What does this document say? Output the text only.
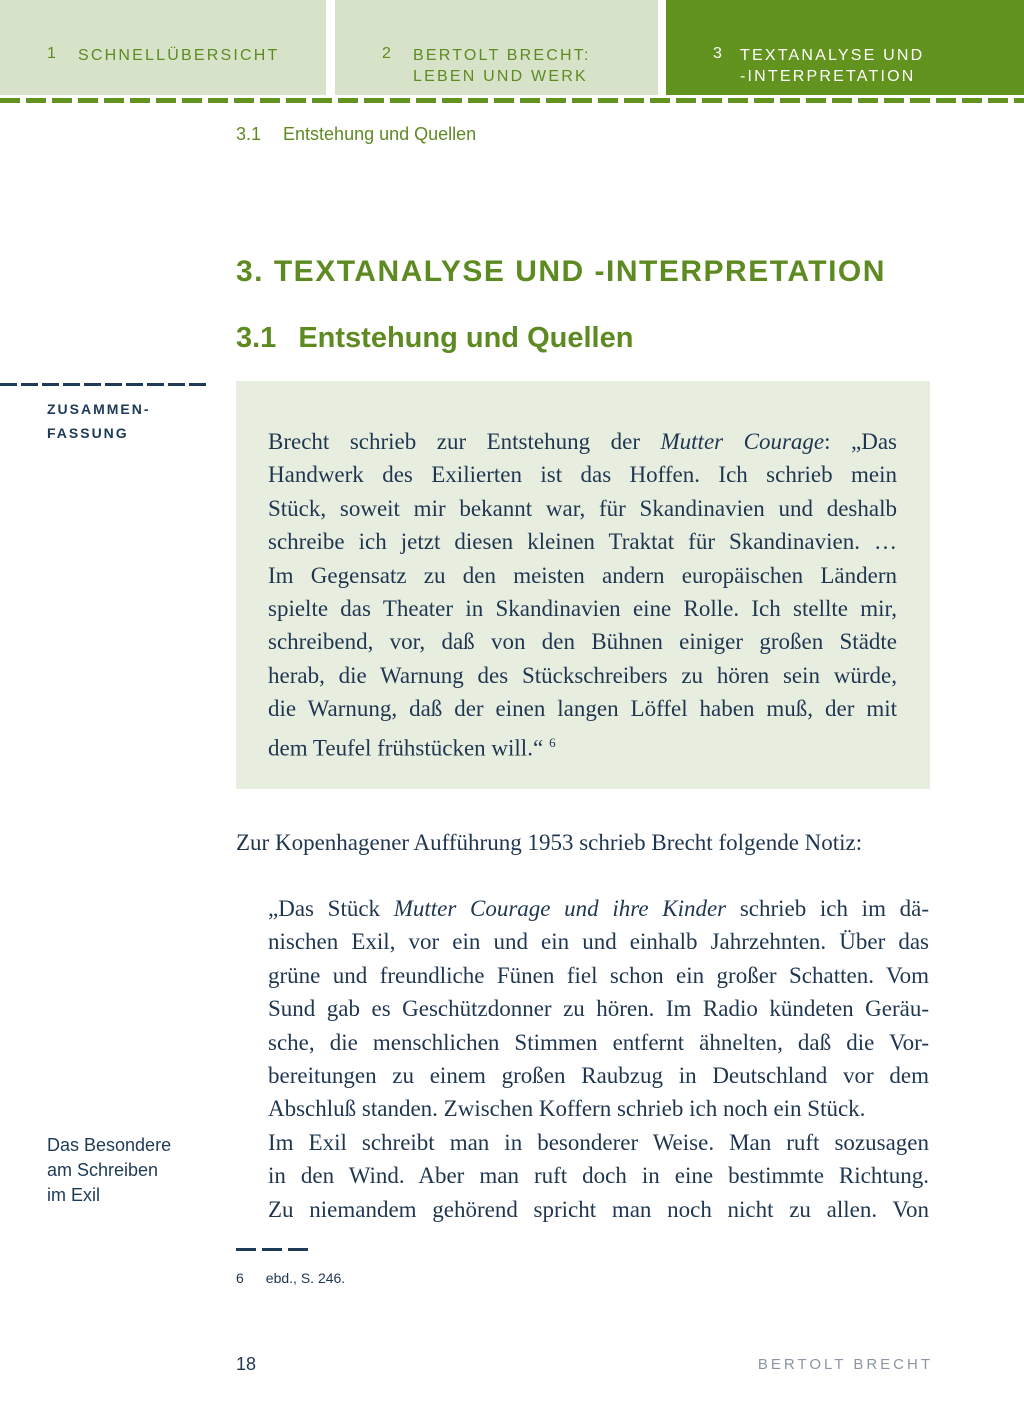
1 SCHNELLÜBERSICHT	2 BERTOLT BRECHT:
LEBEN UND WERK
3 TEXTANALYSE UND
-INTERPRETATION
3.1 Entstehung und Quellen
3. TEXTANALYSE UND -INTERPRETATION
3.1 Entstehung und Quellen
ZUSAMMEN-
FASSUNG	Brecht schrieb zur Entstehung der Mutter Courage: „Das
Handwerk des Exilierten ist das Hoffen. Ich schrieb mein
Stück, soweit mir bekannt war, für Skandinavien und deshalb
schreibe ich jetzt diesen kleinen Traktat für Skandinavien. …
Im Gegensatz zu den meisten andern europäischen Ländern
spielte das Theater in Skandinavien eine Rolle. Ich stellte mir,
schreibend, vor, daß von den Bühnen einiger großen Städte
herab, die Warnung des Stückschreibers zu hören sein würde,
die Warnung, daß der einen langen Löffel haben muß, der mit
dem Teufel frühstücken will.“ $^6$
Zur Kopenhagener Aufführung 1953 schrieb Brecht folgende Notiz:
„Das Stück Mutter Courage und ihre Kinder schrieb ich im dä-
nischen Exil, vor ein und ein und einhalb Jahrzehnten. Über das
grüne und freundliche Fünen fiel schon ein großer Schatten. Vom
Sund gab es Geschützdonner zu hören. Im Radio kündeten Geräu-
sche, die menschlichen Stimmen entfernt ähnelten, daß die Vor-
bereitungen zu einem großen Raubzug in Deutschland vor dem
Abschluß standen. Zwischen Koffern schrieb ich noch ein Stück.
Im Exil schreibt man in besonderer Weise. Man ruft sozusagen
in den Wind. Aber man ruft doch in eine bestimmte Richtung.
Zu niemandem gehörend spricht man noch nicht zu allen. Von
Das Besondere
am Schreiben
im Exil
6 ebd., S. 246.
18	BERTOLT BRECHT
